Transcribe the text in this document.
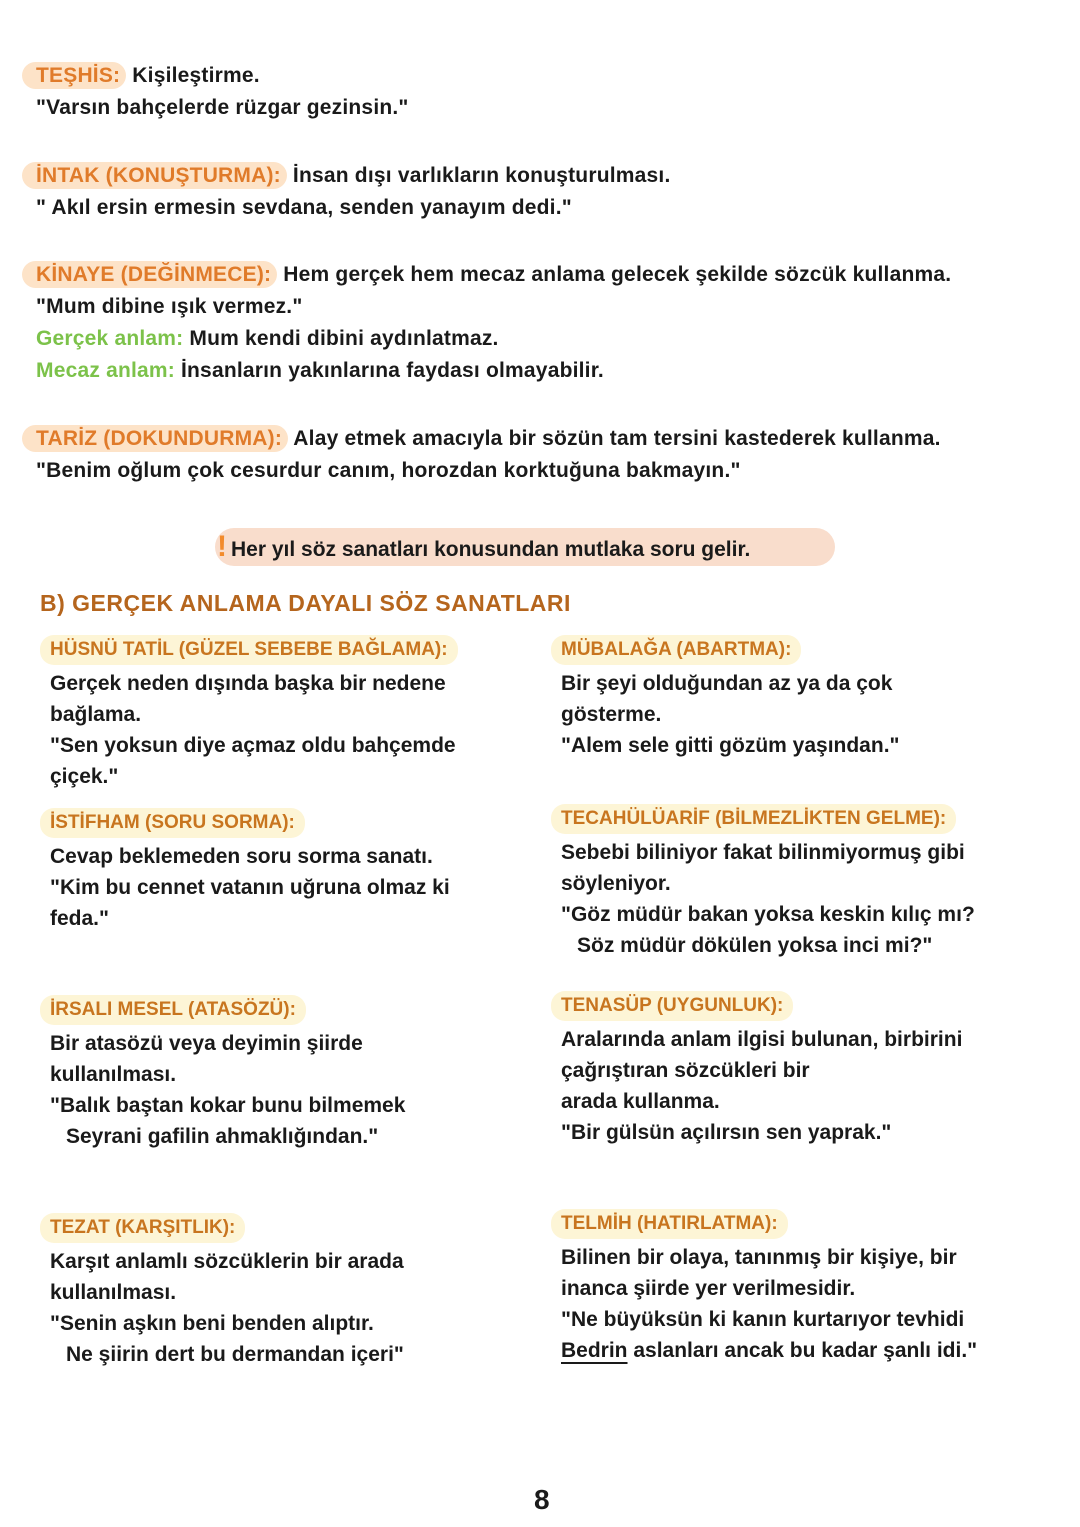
TEŞHİS: Kişileştirme.
"Varsın bahçelerde rüzgar gezinsin."
İNTAK (KONUŞTURMA): İnsan dışı varlıkların konuşturulması.
" Akıl ersin ermesin sevdana, senden yanayım dedi."
KİNAYE (DEĞİNMECE): Hem gerçek hem mecaz anlama gelecek şekilde sözcük kullanma.
"Mum dibine ışık vermez."
Gerçek anlam: Mum kendi dibini aydınlatmaz.
Mecaz anlam: İnsanların yakınlarına faydası olmayabilir.
TARİZ (DOKUNDURMA): Alay etmek amacıyla bir sözün tam tersini kastederek kullanma.
"Benim oğlum çok cesurdur canım, horozdan korktuğuna bakmayın."
! Her yıl söz sanatları konusundan mutlaka soru gelir.
B) GERÇEK ANLAMA DAYALI SÖZ SANATLARI
HÜSNÜ TATİL (GÜZEL SEBEBE BAĞLAMA):
Gerçek neden dışında başka bir nedene
bağlama.
"Sen yoksun diye açmaz oldu bahçemde
çiçek."
İSTİFHAM (SORU SORMA):
Cevap beklemeden soru sorma sanatı.
"Kim bu cennet vatanın uğruna olmaz ki
feda."
İRSALI MESEL (ATASÖZÜ):
Bir atasözü veya deyimin şiirde
kullanılması.
"Balık baştan kokar bunu bilmemek
Seyrani gafilin ahmaklığından."
TEZAT (KARŞITLIK):
Karşıt anlamlı sözcüklerin bir arada
kullanılması.
"Senin aşkın beni benden alıptır.
Ne şiirin dert bu dermandan içeri"
MÜBALAĞA (ABARTMA):
Bir şeyi olduğundan az ya da çok
gösterme.
"Alem sele gitti gözüm yaşından."
TECAHÜLÜARİF (BİLMEZLİKTEN GELME):
Sebebi biliniyor fakat bilinmiyormuş gibi
söyleniyor.
"Göz müdür bakan yoksa keskin kılıç mı?
Söz müdür dökülen yoksa inci mi?"
TENASÜP (UYGUNLUK):
Aralarında anlam ilgisi bulunan, birbirini
çağrıştıran sözcükleri bir
arada kullanma.
"Bir gülsün açılırsın sen yaprak."
TELMİH (HATIRLATMA):
Bilinen bir olaya, tanınmış bir kişiye, bir
inanca şiirde yer verilmesidir.
"Ne büyüksün ki kanın kurtarıyor tevhidi
Bedrin aslanları ancak bu kadar şanlı idi."
8
